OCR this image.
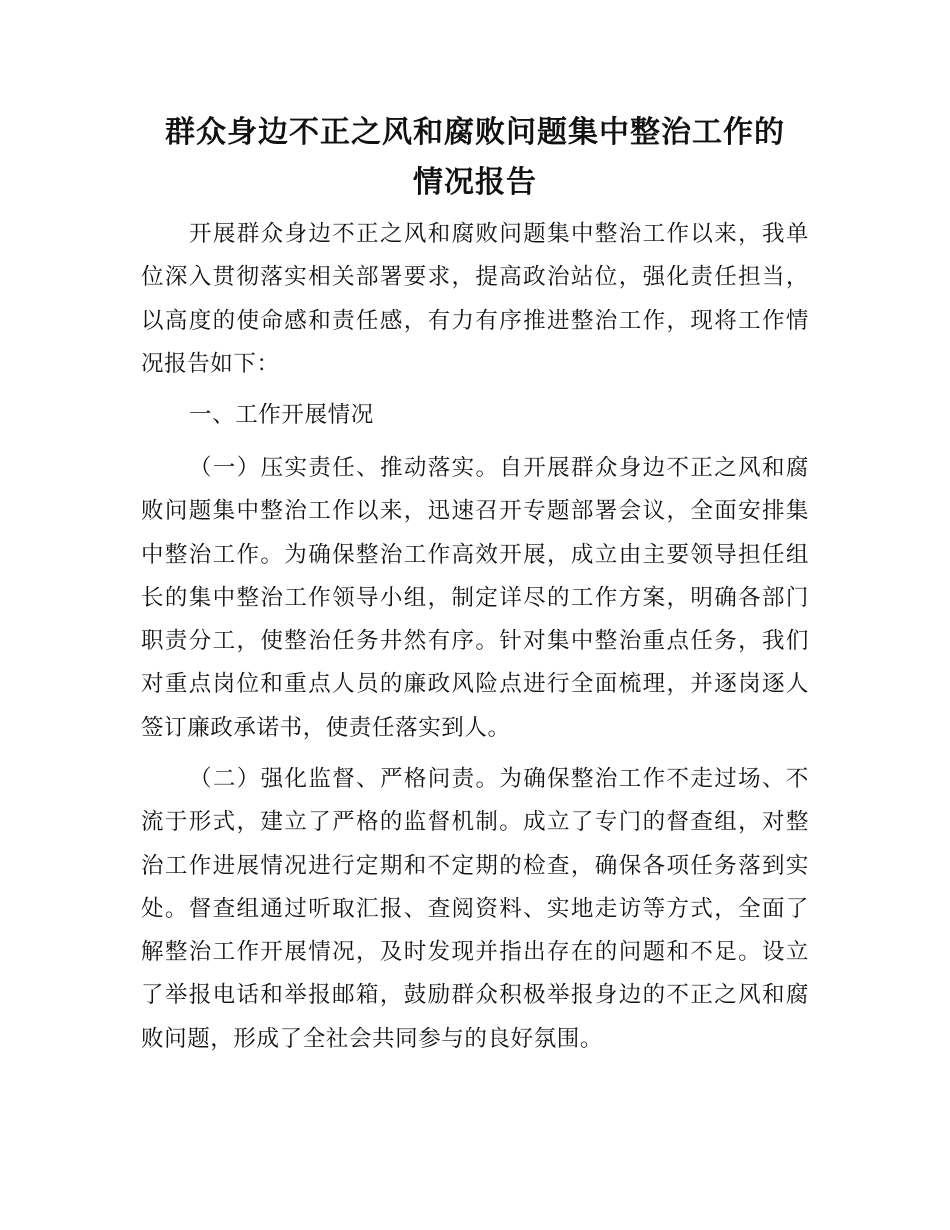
群众身边不正之风和腐败问题集中整治工作的
情况报告

开展群众身边不正之风和腐败问题集中整治工作以来，我单位深入贯彻落实相关部署要求，提高政治站位，强化责任担当，以高度的使命感和责任感，有力有序推进整治工作，现将工作情况报告如下：

一、工作开展情况

（一）压实责任、推动落实。自开展群众身边不正之风和腐败问题集中整治工作以来，迅速召开专题部署会议，全面安排集中整治工作。为确保整治工作高效开展，成立由主要领导担任组长的集中整治工作领导小组，制定详尽的工作方案，明确各部门职责分工，使整治任务井然有序。针对集中整治重点任务，我们对重点岗位和重点人员的廉政风险点进行全面梳理，并逐岗逐人签订廉政承诺书，使责任落实到人。

（二）强化监督、严格问责。为确保整治工作不走过场、不流于形式，建立了严格的监督机制。成立了专门的督查组，对整治工作进展情况进行定期和不定期的检查，确保各项任务落到实处。督查组通过听取汇报、查阅资料、实地走访等方式，全面了解整治工作开展情况，及时发现并指出存在的问题和不足。设立了举报电话和举报邮箱，鼓励群众积极举报身边的不正之风和腐败问题，形成了全社会共同参与的良好氛围。
